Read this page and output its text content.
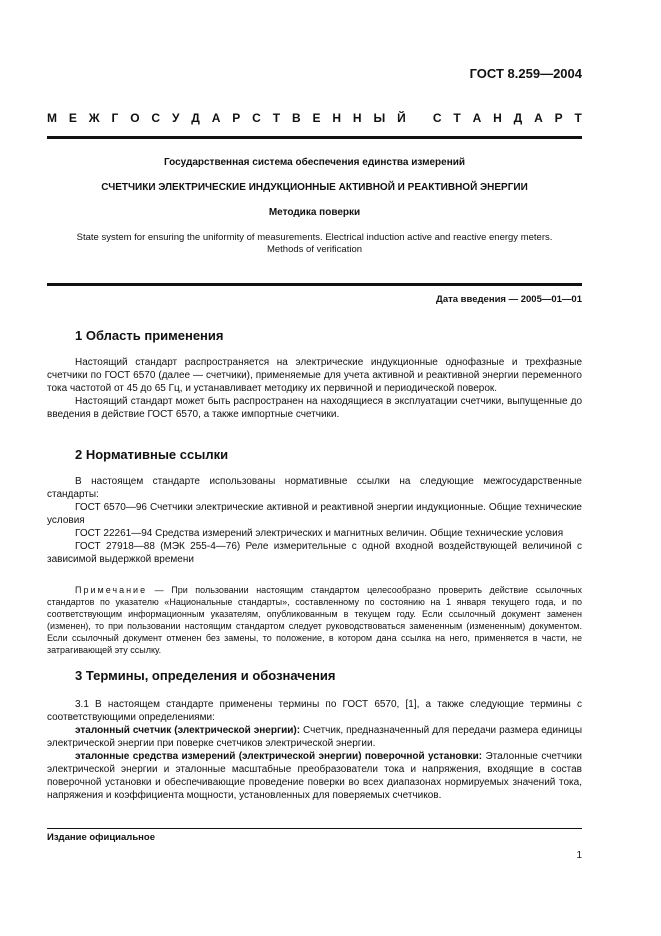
ГОСТ 8.259—2004
М Е Ж Г О С У Д А Р С Т В Е Н Н Ы Й
С Т А Н Д А Р Т
Государственная система обеспечения единства измерений
СЧЕТЧИКИ ЭЛЕКТРИЧЕСКИЕ ИНДУКЦИОННЫЕ АКТИВНОЙ И РЕАКТИВНОЙ ЭНЕРГИИ
Методика поверки
State system for ensuring the uniformity of measurements. Electrical induction active and reactive energy meters.
Methods of verification
Дата введения — 2005—01—01
1 Область применения

Настоящий стандарт распространяется на электрические индукционные однофазные и трехфазные счетчики по ГОСТ 6570 (далее — счетчики), применяемые для учета активной и реактивной энергии переменного тока частотой от 45 до 65 Гц, и устанавливает методику их первичной и периодической поверок.

Настоящий стандарт может быть распространен на находящиеся в эксплуатации счетчики, выпущенные до введения в действие ГОСТ 6570, а также импортные счетчики.

2 Нормативные ссылки

В настоящем стандарте использованы нормативные ссылки на следующие межгосударственные стандарты:

ГОСТ 6570—96 Счетчики электрические активной и реактивной энергии индукционные. Общие технические условия

ГОСТ 22261—94 Средства измерений электрических и магнитных величин. Общие технические условия

ГОСТ 27918—88 (МЭК 255-4—76) Реле измерительные с одной входной воздействующей величиной с зависимой выдержкой времени

Примечание — При пользовании настоящим стандартом целесообразно проверить действие ссылочных стандартов по указателю «Национальные стандарты», составленному по состоянию на 1 января текущего года, и по соответствующим информационным указателям, опубликованным в текущем году. Если ссылочный документ заменен (изменен), то при пользовании настоящим стандартом следует руководствоваться замененным (измененным) документом. Если ссылочный документ отменен без замены, то положение, в котором дана ссылка на него, применяется в части, не затрагивающей эту ссылку.

3 Термины, определения и обозначения

3.1 В настоящем стандарте применены термины по ГОСТ 6570, [1], а также следующие термины с соответствующими определениями:

эталонный счетчик (электрической энергии): Счетчик, предназначенный для передачи размера единицы электрической энергии при поверке счетчиков электрической энергии.

эталонные средства измерений (электрической энергии) поверочной установки: Эталонные счетчики электрической энергии и эталонные масштабные преобразователи тока и напряжения, входящие в состав поверочной установки и обеспечивающие проведение поверки во всех диапазонах нормируемых значений тока, напряжения и коэффициента мощности, установленных для поверяемых счетчиков.

Издание официальное
1
